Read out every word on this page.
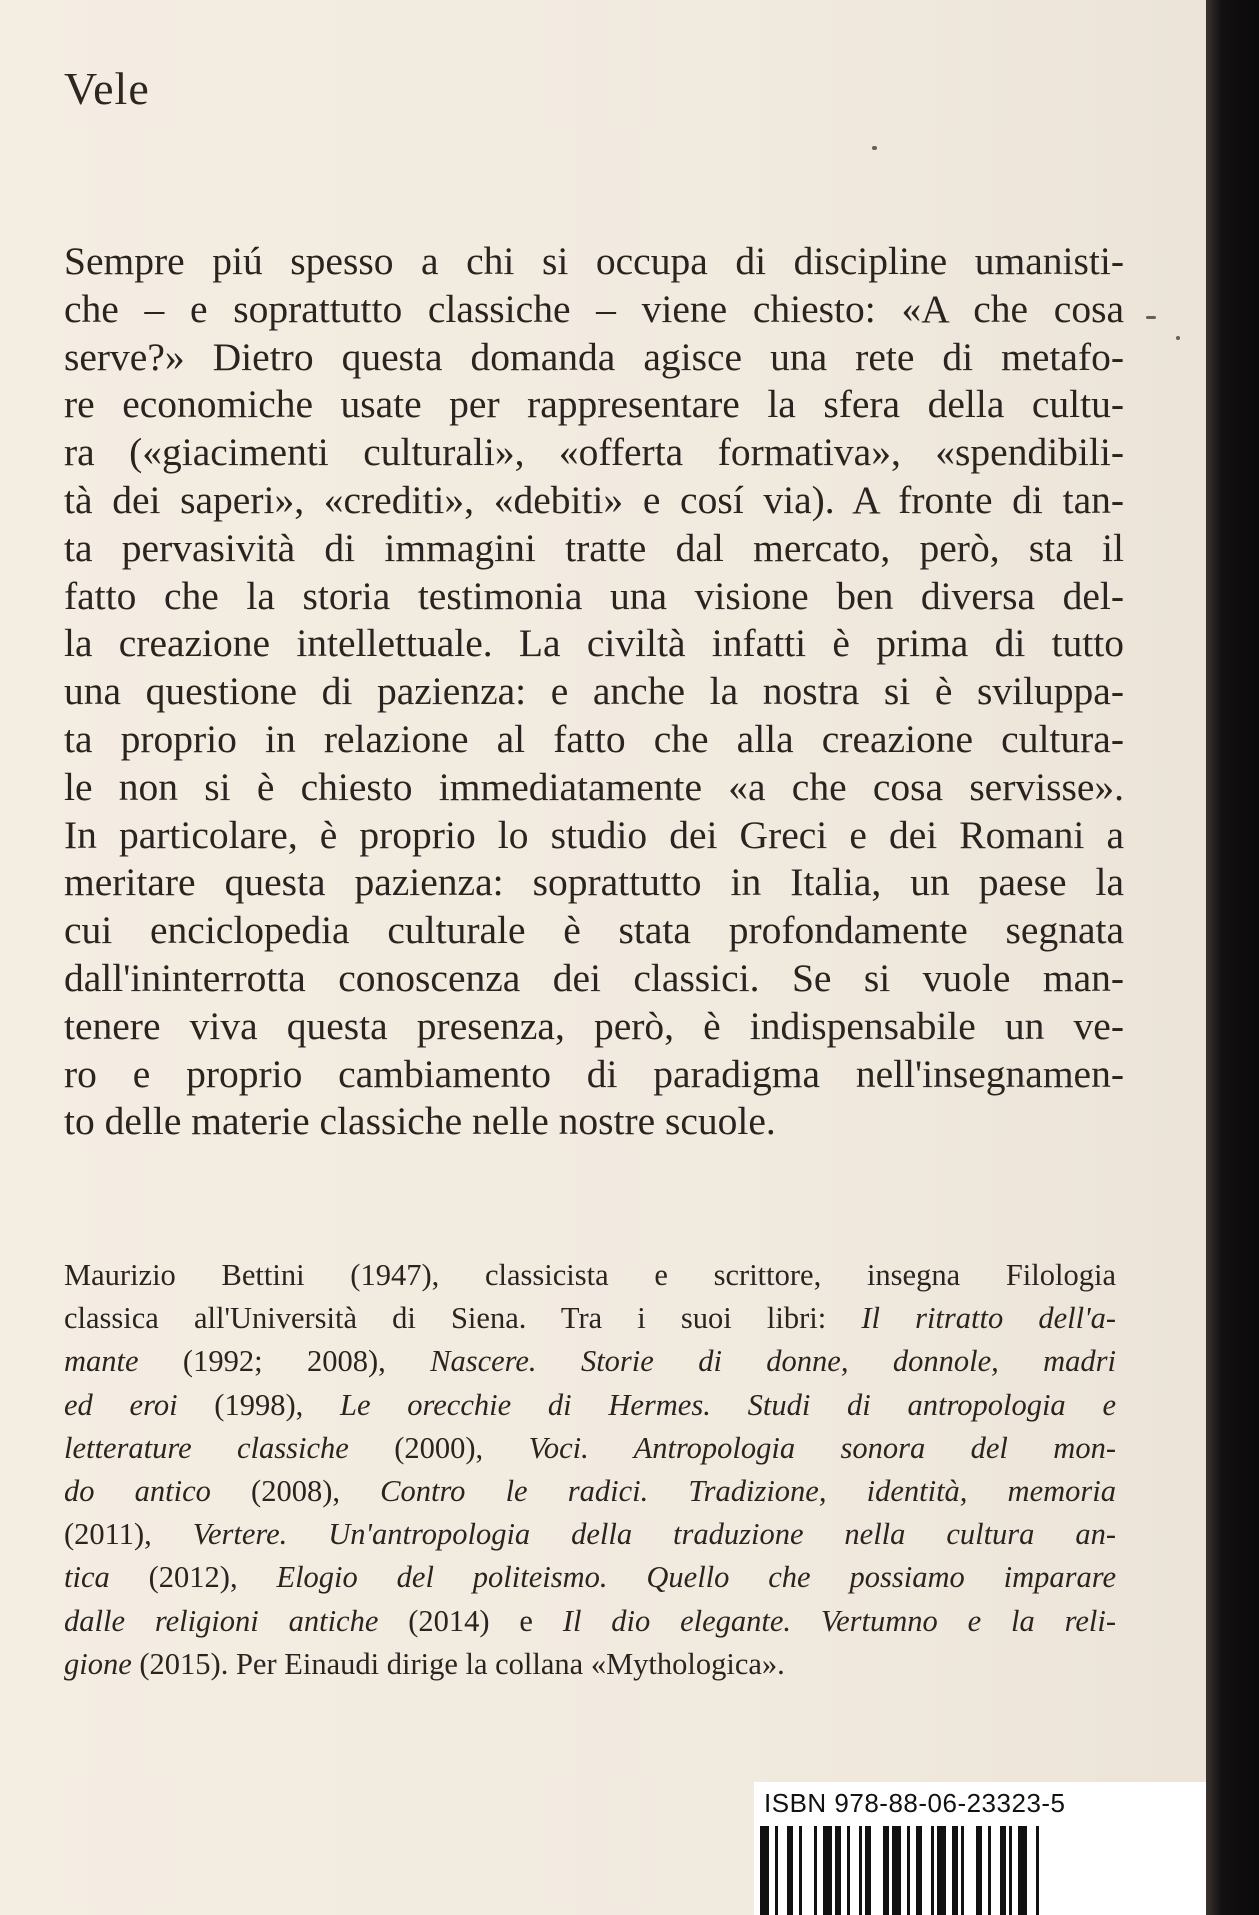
Vele
Sempre piú spesso a chi si occupa di discipline umanisti-
che – e soprattutto classiche – viene chiesto: «A che cosa
serve?» Dietro questa domanda agisce una rete di metafo-
re economiche usate per rappresentare la sfera della cultu-
ra («giacimenti culturali», «offerta formativa», «spendibili-
tà dei saperi», «crediti», «debiti» e cosí via). A fronte di tan-
ta pervasività di immagini tratte dal mercato, però, sta il
fatto che la storia testimonia una visione ben diversa del-
la creazione intellettuale. La civiltà infatti è prima di tutto
una questione di pazienza: e anche la nostra si è sviluppa-
ta proprio in relazione al fatto che alla creazione cultura-
le non si è chiesto immediatamente «a che cosa servisse».
In particolare, è proprio lo studio dei Greci e dei Romani a
meritare questa pazienza: soprattutto in Italia, un paese la
cui enciclopedia culturale è stata profondamente segnata
dall'ininterrotta conoscenza dei classici. Se si vuole man-
tenere viva questa presenza, però, è indispensabile un ve-
ro e proprio cambiamento di paradigma nell'insegnamen-
to delle materie classiche nelle nostre scuole.
Maurizio Bettini (1947), classicista e scrittore, insegna Filologia
classica all'Università di Siena. Tra i suoi libri: Il ritratto dell'a-
mante (1992; 2008), Nascere. Storie di donne, donnole, madri
ed eroi (1998), Le orecchie di Hermes. Studi di antropologia e
letterature classiche (2000), Voci. Antropologia sonora del mon-
do antico (2008), Contro le radici. Tradizione, identità, memoria
(2011), Vertere. Un'antropologia della traduzione nella cultura an-
tica (2012), Elogio del politeismo. Quello che possiamo imparare
dalle religioni antiche (2014) e Il dio elegante. Vertumno e la reli-
gione (2015). Per Einaudi dirige la collana «Mythologica».
ISBN 978-88-06-23323-5
